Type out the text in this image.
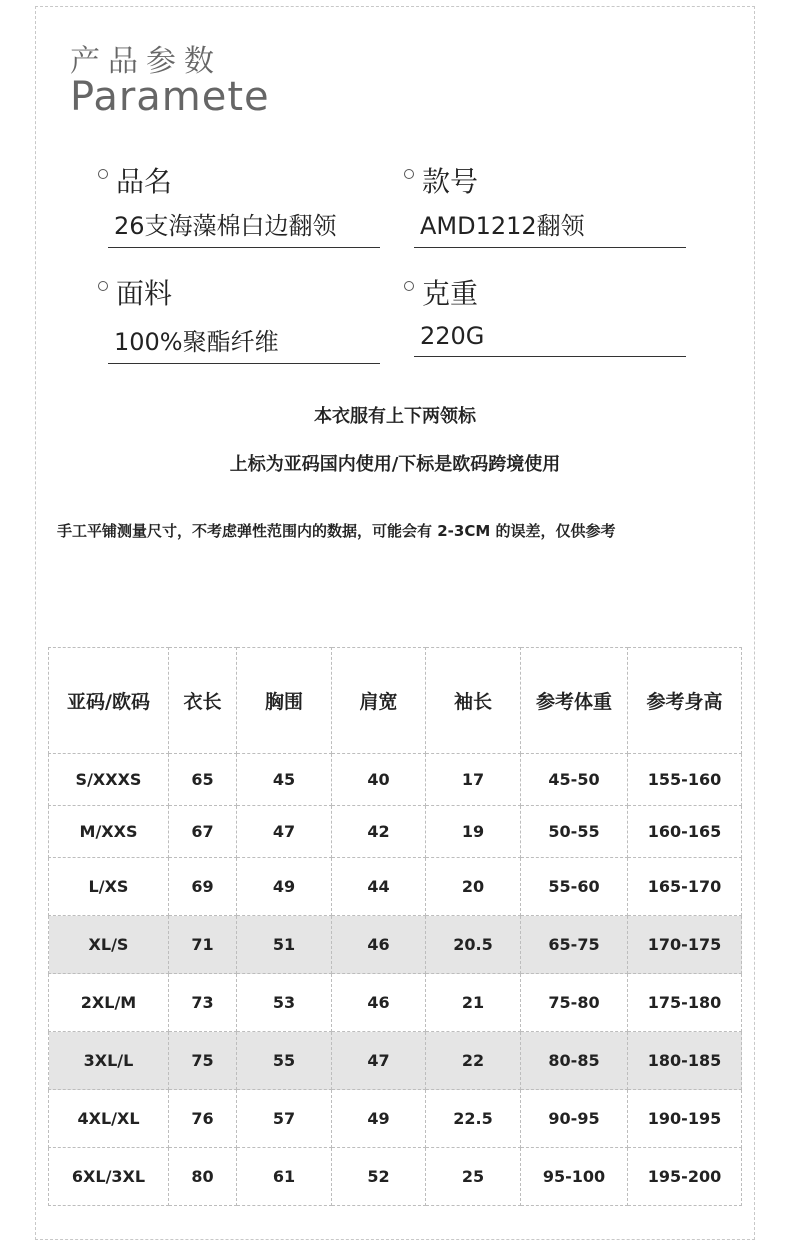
产品参数
Paramete
品名
26支海藻棉白边翻领
款号
AMD1212翻领
面料
100%聚酯纤维
克重
220G
本衣服有上下两领标
上标为亚码国内使用/下标是欧码跨境使用
手工平铺测量尺寸，不考虑弹性范围内的数据，可能会有 2-3CM 的误差，仅供参考
亚码/欧码	衣长	胸围	肩宽	袖长	参考体重	参考身高
S/XXXS	65	45	40	17	45-50	155-160
M/XXS	67	47	42	19	50-55	160-165
L/XS	69	49	44	20	55-60	165-170
XL/S	71	51	46	20.5	65-75	170-175
2XL/M	73	53	46	21	75-80	175-180
3XL/L	75	55	47	22	80-85	180-185
4XL/XL	76	57	49	22.5	90-95	190-195
6XL/3XL	80	61	52	25	95-100	195-200
